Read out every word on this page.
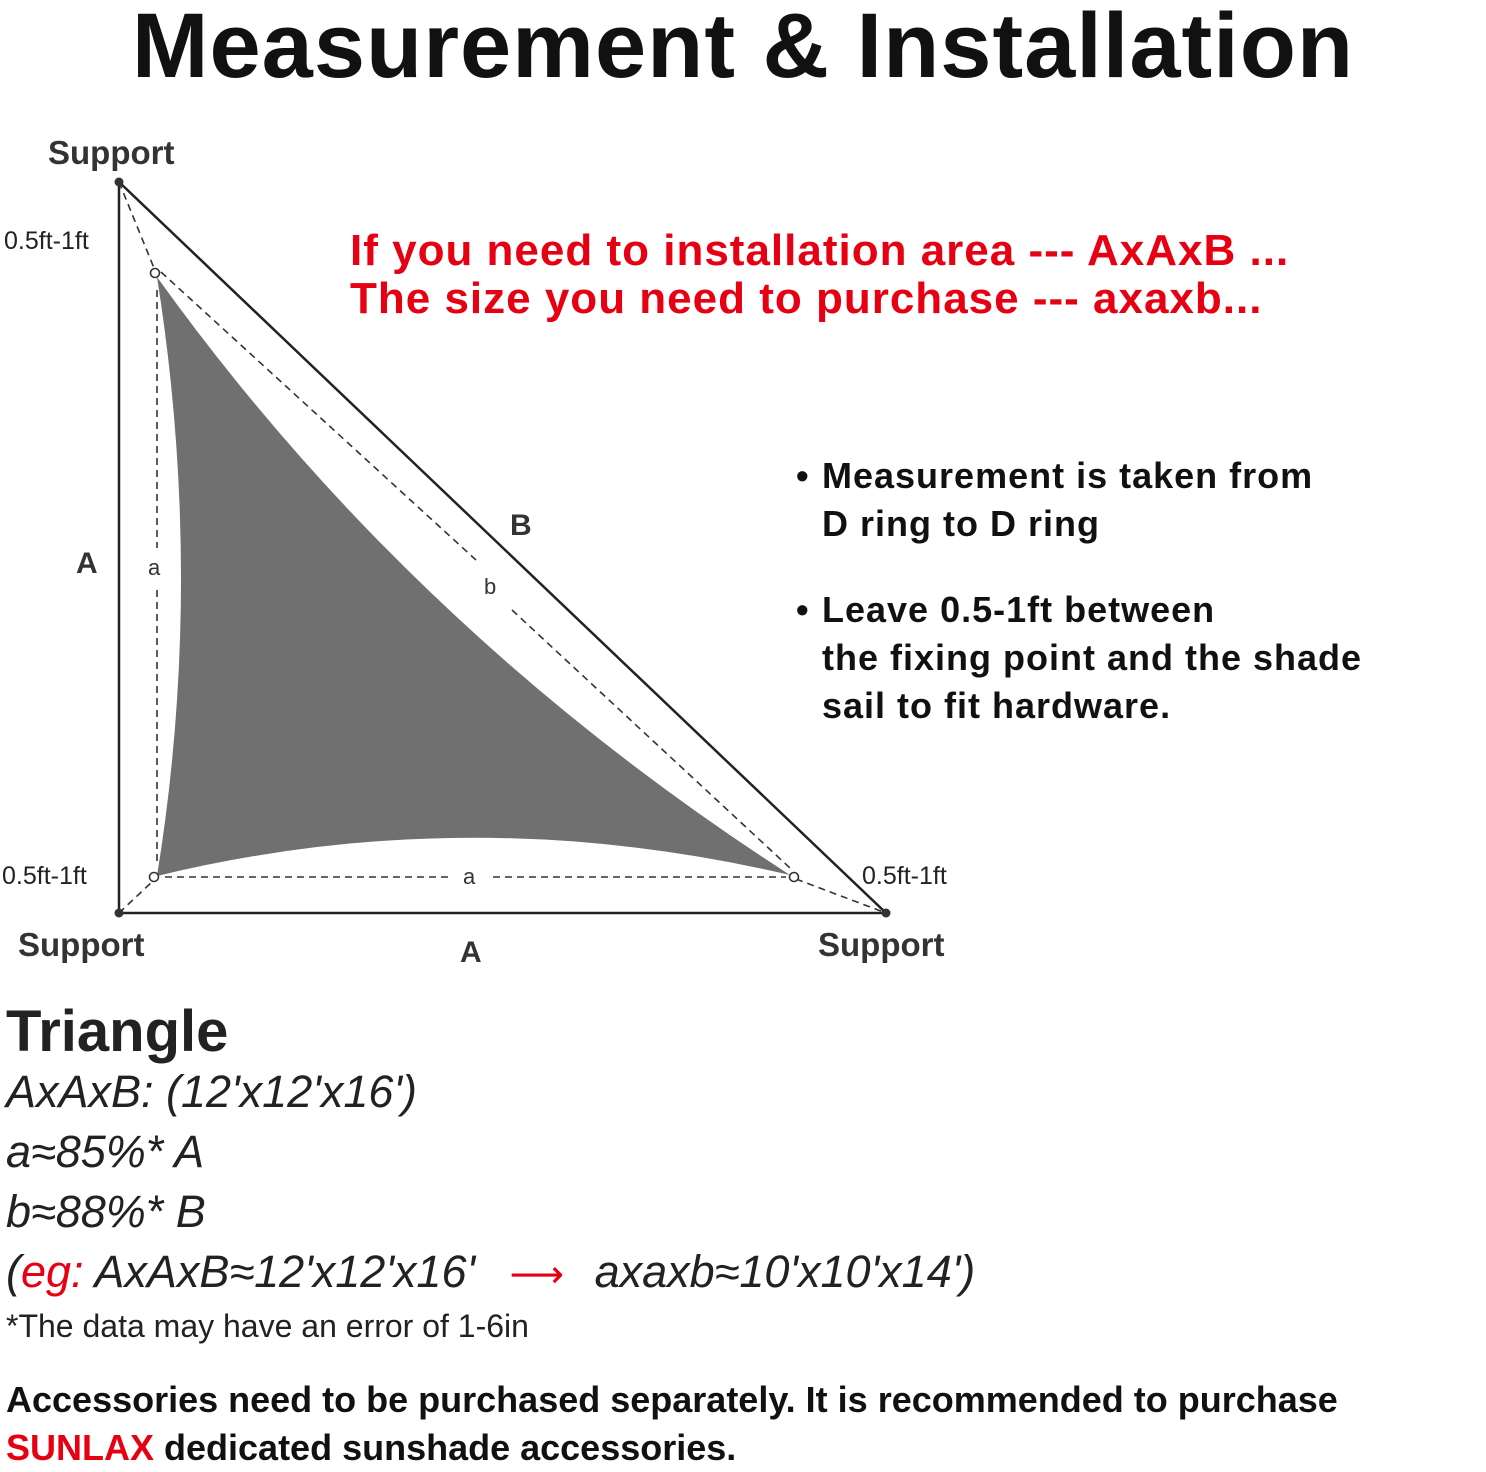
Measurement & Installation
Support
Support	Support
0.5ft-1ft
0.5ft-1ft	0.5ft-1ft
A
A
B
a
a
b
If you need to installation area --- AxAxB ...
The size you need to purchase --- axaxb...
• Measurement is taken from
D ring to D ring
• Leave 0.5-1ft between
the fixing point and the shade
sail to fit hardware.
Triangle
AxAxB: (12'x12'x16')
a≈85%* A
b≈88%* B
(eg: AxAxB≈12'x12'x16' ⟶ axaxb≈10'x10'x14')
*The data may have an error of 1-6in
Accessories need to be purchased separately. It is recommended to purchase
SUNLAX dedicated sunshade accessories.
